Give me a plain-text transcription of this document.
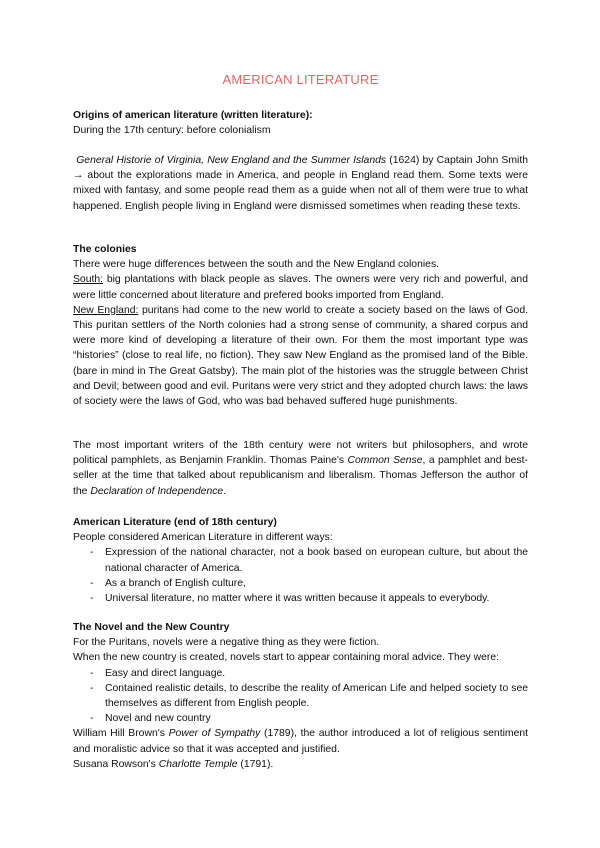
AMERICAN LITERATURE

Origins of american literature (written literature):

During the 17th century: before colonialism

General Historie of Virginia, New England and the Summer Islands (1624) by Captain John Smith → about the explorations made in America, and people in England read them. Some texts were mixed with fantasy, and some people read them as a guide when not all of them were true to what happened. English people living in England were dismissed sometimes when reading these texts.

The colonies

There were huge differences between the south and the New England colonies.

South: big plantations with black people as slaves. The owners were very rich and powerful, and were little concerned about literature and prefered books imported from England.

New England: puritans had come to the new world to create a society based on the laws of God. This puritan settlers of the North colonies had a strong sense of community, a shared corpus and were more kind of developing a literature of their own. For them the most important type was “histories” (close to real life, no fiction). They saw New England as the promised land of the Bible. (bare in mind in The Great Gatsby). The main plot of the histories was the struggle between Christ and Devil; between good and evil. Puritans were very strict and they adopted church laws: the laws of society were the laws of God, who was bad behaved suffered huge punishments.

The most important writers of the 18th century were not writers but philosophers, and wrote political pamphlets, as Benjamin Franklin. Thomas Paine's Common Sense, a pamphlet and best-seller at the time that talked about republicanism and liberalism. Thomas Jefferson the author of the Declaration of Independence.

American Literature (end of 18th century)

People considered American Literature in different ways:

- Expression of the national character, not a book based on european culture, but about the national character of America.
- As a branch of English culture,
- Universal literature, no matter where it was written because it appeals to everybody.

The Novel and the New Country

For the Puritans, novels were a negative thing as they were fiction.

When the new country is created, novels start to appear containing moral advice. They were:

- Easy and direct language.
- Contained realistic details, to describe the reality of American Life and helped society to see themselves as different from English people.
- Novel and new country

William Hill Brown's Power of Sympathy (1789), the author introduced a lot of religious sentiment and moralistic advice so that it was accepted and justified.

Susana Rowson's Charlotte Temple (1791).
